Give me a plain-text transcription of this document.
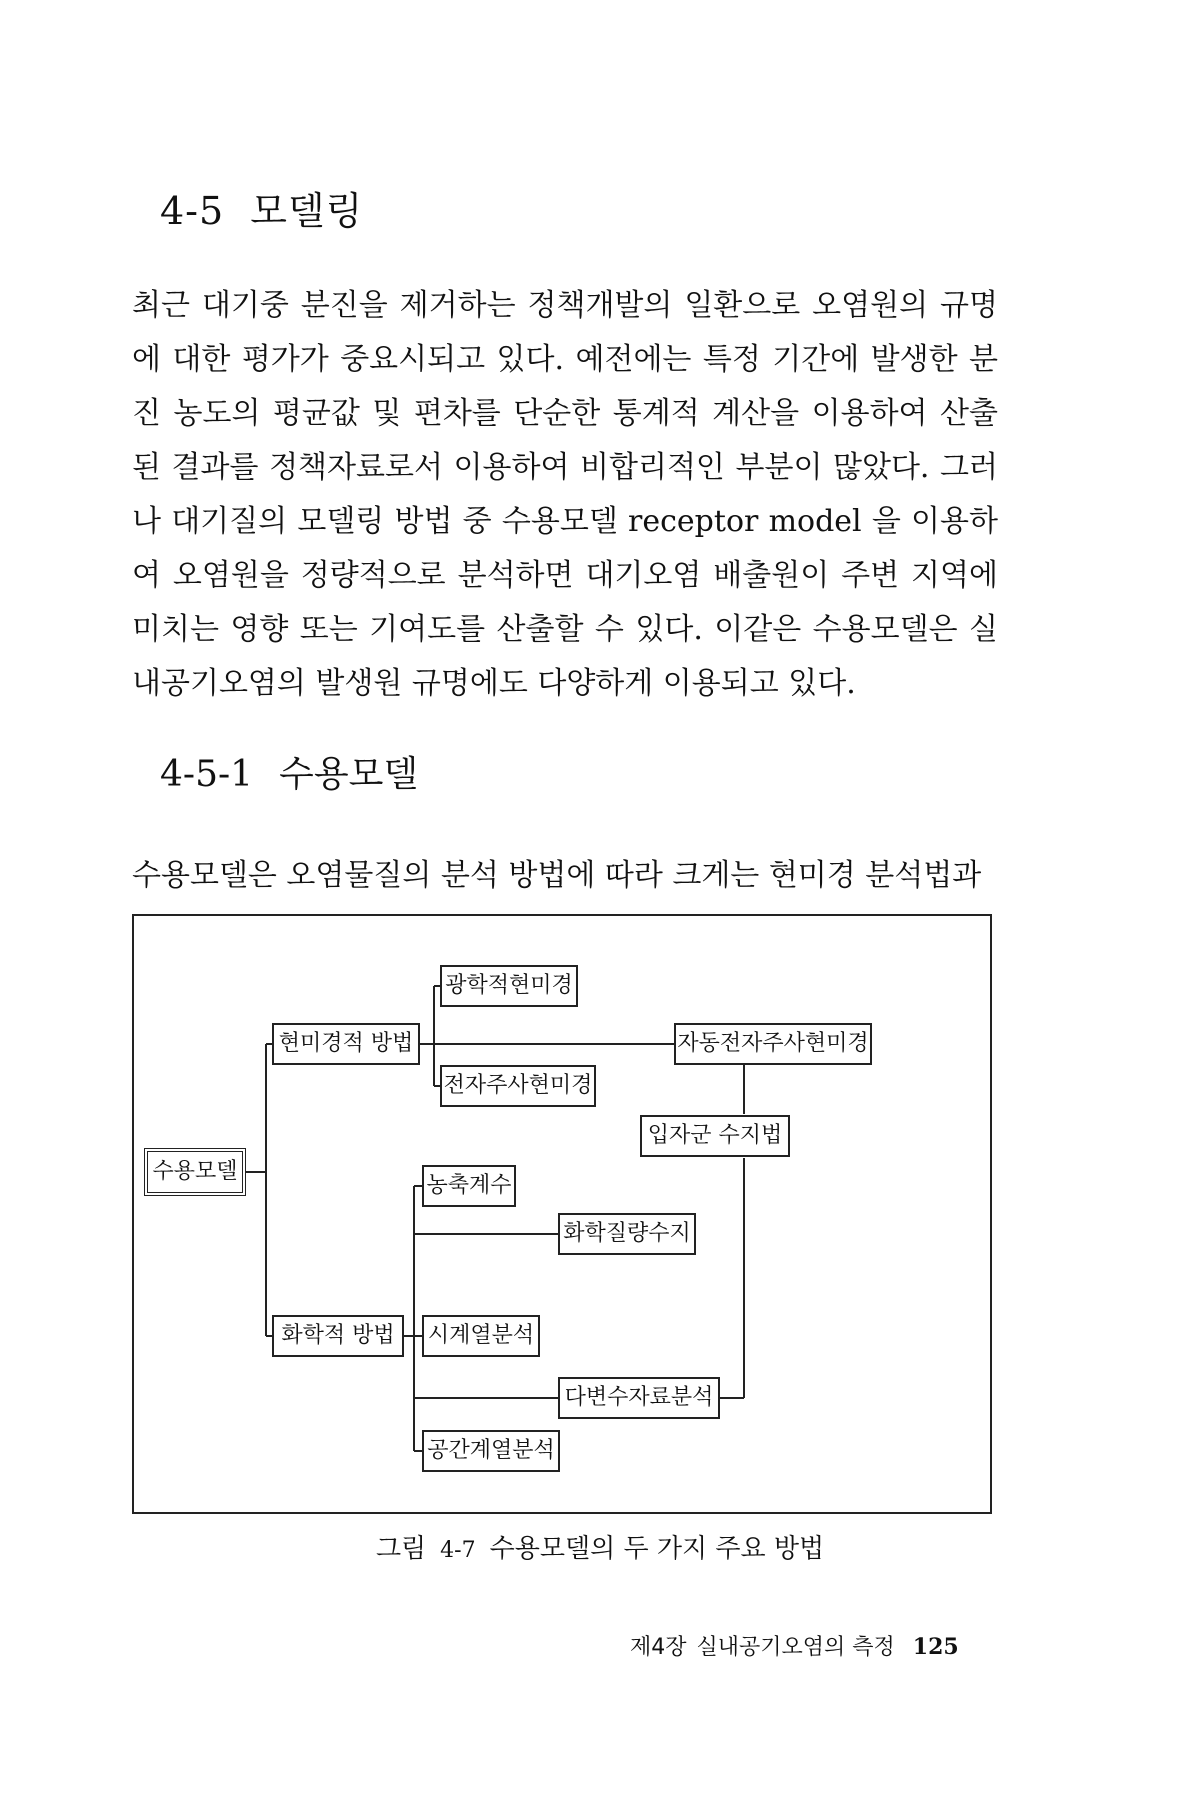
4-5 모델링

최근 대기중 분진을 제거하는 정책개발의 일환으로 오염원의 규명에 대한 평가가 중요시되고 있다. 예전에는 특정 기간에 발생한 분진 농도의 평균값 및 편차를 단순한 통계적 계산을 이용하여 산출된 결과를 정책자료로서 이용하여 비합리적인 부분이 많았다. 그러나 대기질의 모델링 방법 중 수용모델 receptor model 을 이용하여 오염원을 정량적으로 분석하면 대기오염 배출원이 주변 지역에 미치는 영향 또는 기여도를 산출할 수 있다. 이같은 수용모델은 실내공기오염의 발생원 규명에도 다양하게 이용되고 있다.

4-5-1 수용모델

수용모델은 오염물질의 분석 방법에 따라 크게는 현미경 분석법과

수용모델
현미경적 방법
화학적 방법
광학적현미경
자동전자주사현미경
전자주사현미경
입자군 수지법
농축계수
화학질량수지
시계열분석
다변수자료분석
공간계열분석
그림 4-7 수용모델의 두 가지 주요 방법
제4장 실내공기오염의 측정 125
